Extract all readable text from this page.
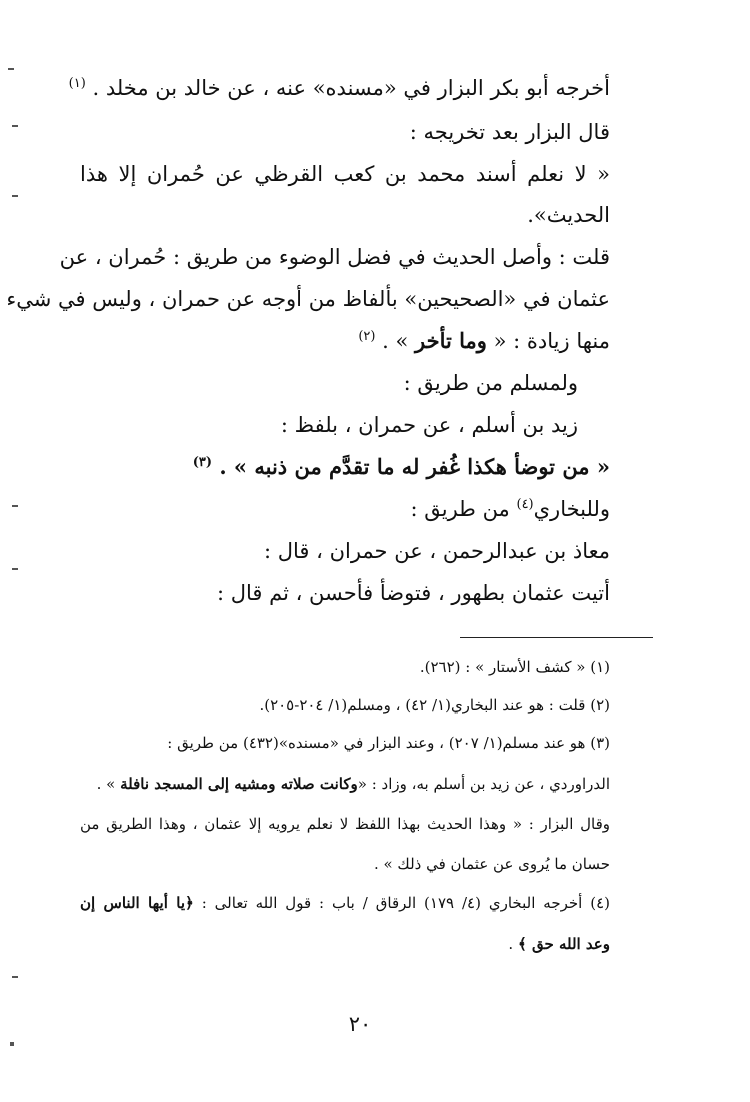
أخرجه أبو بكر البزار في «مسنده» عنه ، عن خالد بن مخلد . $^{(١)}$
قال البزار بعد تخريجه :
« لا نعلم أسند محمد بن كعب القرظي عن حُمران إلا هذا
الحديث».
قلت : وأصل الحديث في فضل الوضوء من طريق : حُمران ، عن
عثمان في «الصحيحين» بألفاظ من أوجه عن حمران ، وليس في شيء
منها زيادة : « وما تأخر » . $^{(٢)}$
ولمسلم من طريق :
زيد بن أسلم ، عن حمران ، بلفظ :
« من توضأ هكذا غُفر له ما تقدَّم من ذنبه » . $^{(٣)}$
وللبخاري$^{(٤)}$ من طريق :
معاذ بن عبدالرحمن ، عن حمران ، قال :
أتيت عثمان بطهور ، فتوضأ فأحسن ، ثم قال :
(١) « كشف الأستار » : (٢٦٢).
(٢) قلت : هو عند البخاري(١/ ٤٢) ، ومسلم(١/ ٢٠٤-٢٠٥).
(٣) هو عند مسلم(١/ ٢٠٧) ، وعند البزار في «مسنده»(٤٣٢) من طريق :
الدراوردي ، عن زيد بن أسلم به، وزاد : «وكانت صلاته ومشيه إلى المسجد نافلة » .
وقال البزار : « وهذا الحديث بهذا اللفظ لا نعلم يرويه إلا عثمان ، وهذا الطريق من
حسان ما يُروى عن عثمان في ذلك » .
(٤) أخرجه البخاري (٤/ ١٧٩) الرقاق / باب : قول الله تعالى : ﴿يا أيها الناس إن
وعد الله حق ﴾ .
٢٠
